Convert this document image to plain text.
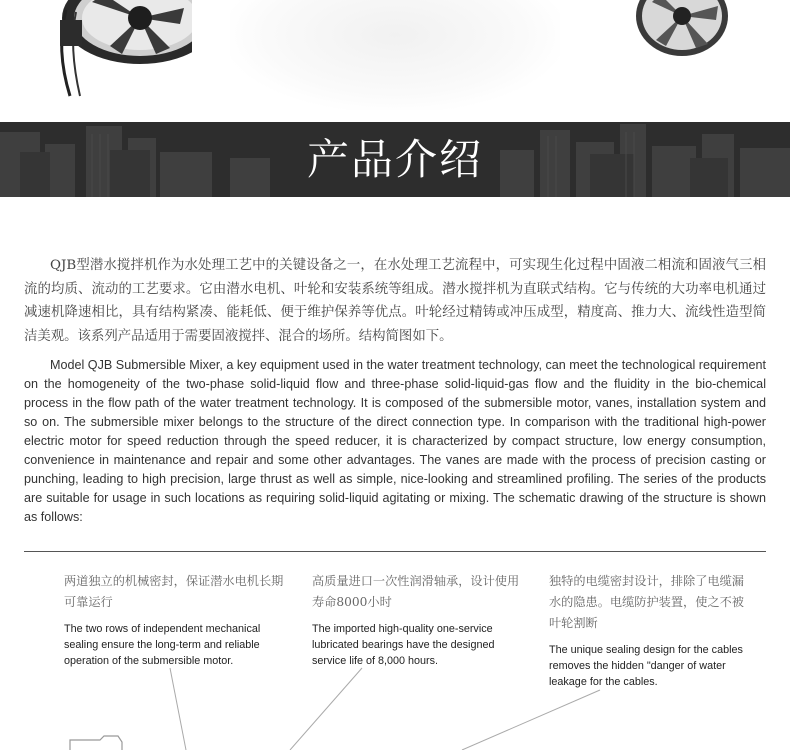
产品介绍

QJB型潜水搅拌机作为水处理工艺中的关键设备之一，在水处理工艺流程中，可实现生化过程中固液二相流和固液气三相流的均质、流动的工艺要求。它由潜水电机、叶轮和安装系统等组成。潜水搅拌机为直联式结构。它与传统的大功率电机通过减速机降速相比，具有结构紧凑、能耗低、便于维护保养等优点。叶轮经过精铸或冲压成型，精度高、推力大、流线性造型简洁美观。该系列产品适用于需要固液搅拌、混合的场所。结构简图如下。

Model QJB Submersible Mixer, a key equipment used in the water treatment technology, can meet the technological requirement on the homogeneity of the two-phase solid-liquid flow and three-phase solid-liquid-gas flow and the fluidity in the bio-chemical process in the flow path of the water treatment technology. It is composed of the submersible motor, vanes, installation system and so on. The submersible mixer belongs to the structure of the direct connection type. In comparison with the traditional high-power electric motor for speed reduction through the speed reducer, it is characterized by compact structure, low energy consumption, convenience in maintenance and repair and some other advantages. The vanes are made with the process of precision casting or punching, leading to high precision, large thrust as well as simple, nice-looking and streamlined profiling. The series of the products are suitable for usage in such locations as requiring solid-liquid agitating or mixing. The schematic drawing of the structure is shown as follows:

两道独立的机械密封，保证潜水电机长期可靠运行

The two rows of independent mechanical sealing ensure the long-term and reliable operation of the submersible motor.

高质量进口一次性润滑轴承，设计使用寿命8000小时

The imported high-quality one-service lubricated bearings have the designed service life of 8,000 hours.

独特的电缆密封设计，排除了电缆漏水的隐患。电缆防护装置，使之不被叶轮割断

The unique sealing design for the cables removes the hidden "danger of water leakage for the cables.
